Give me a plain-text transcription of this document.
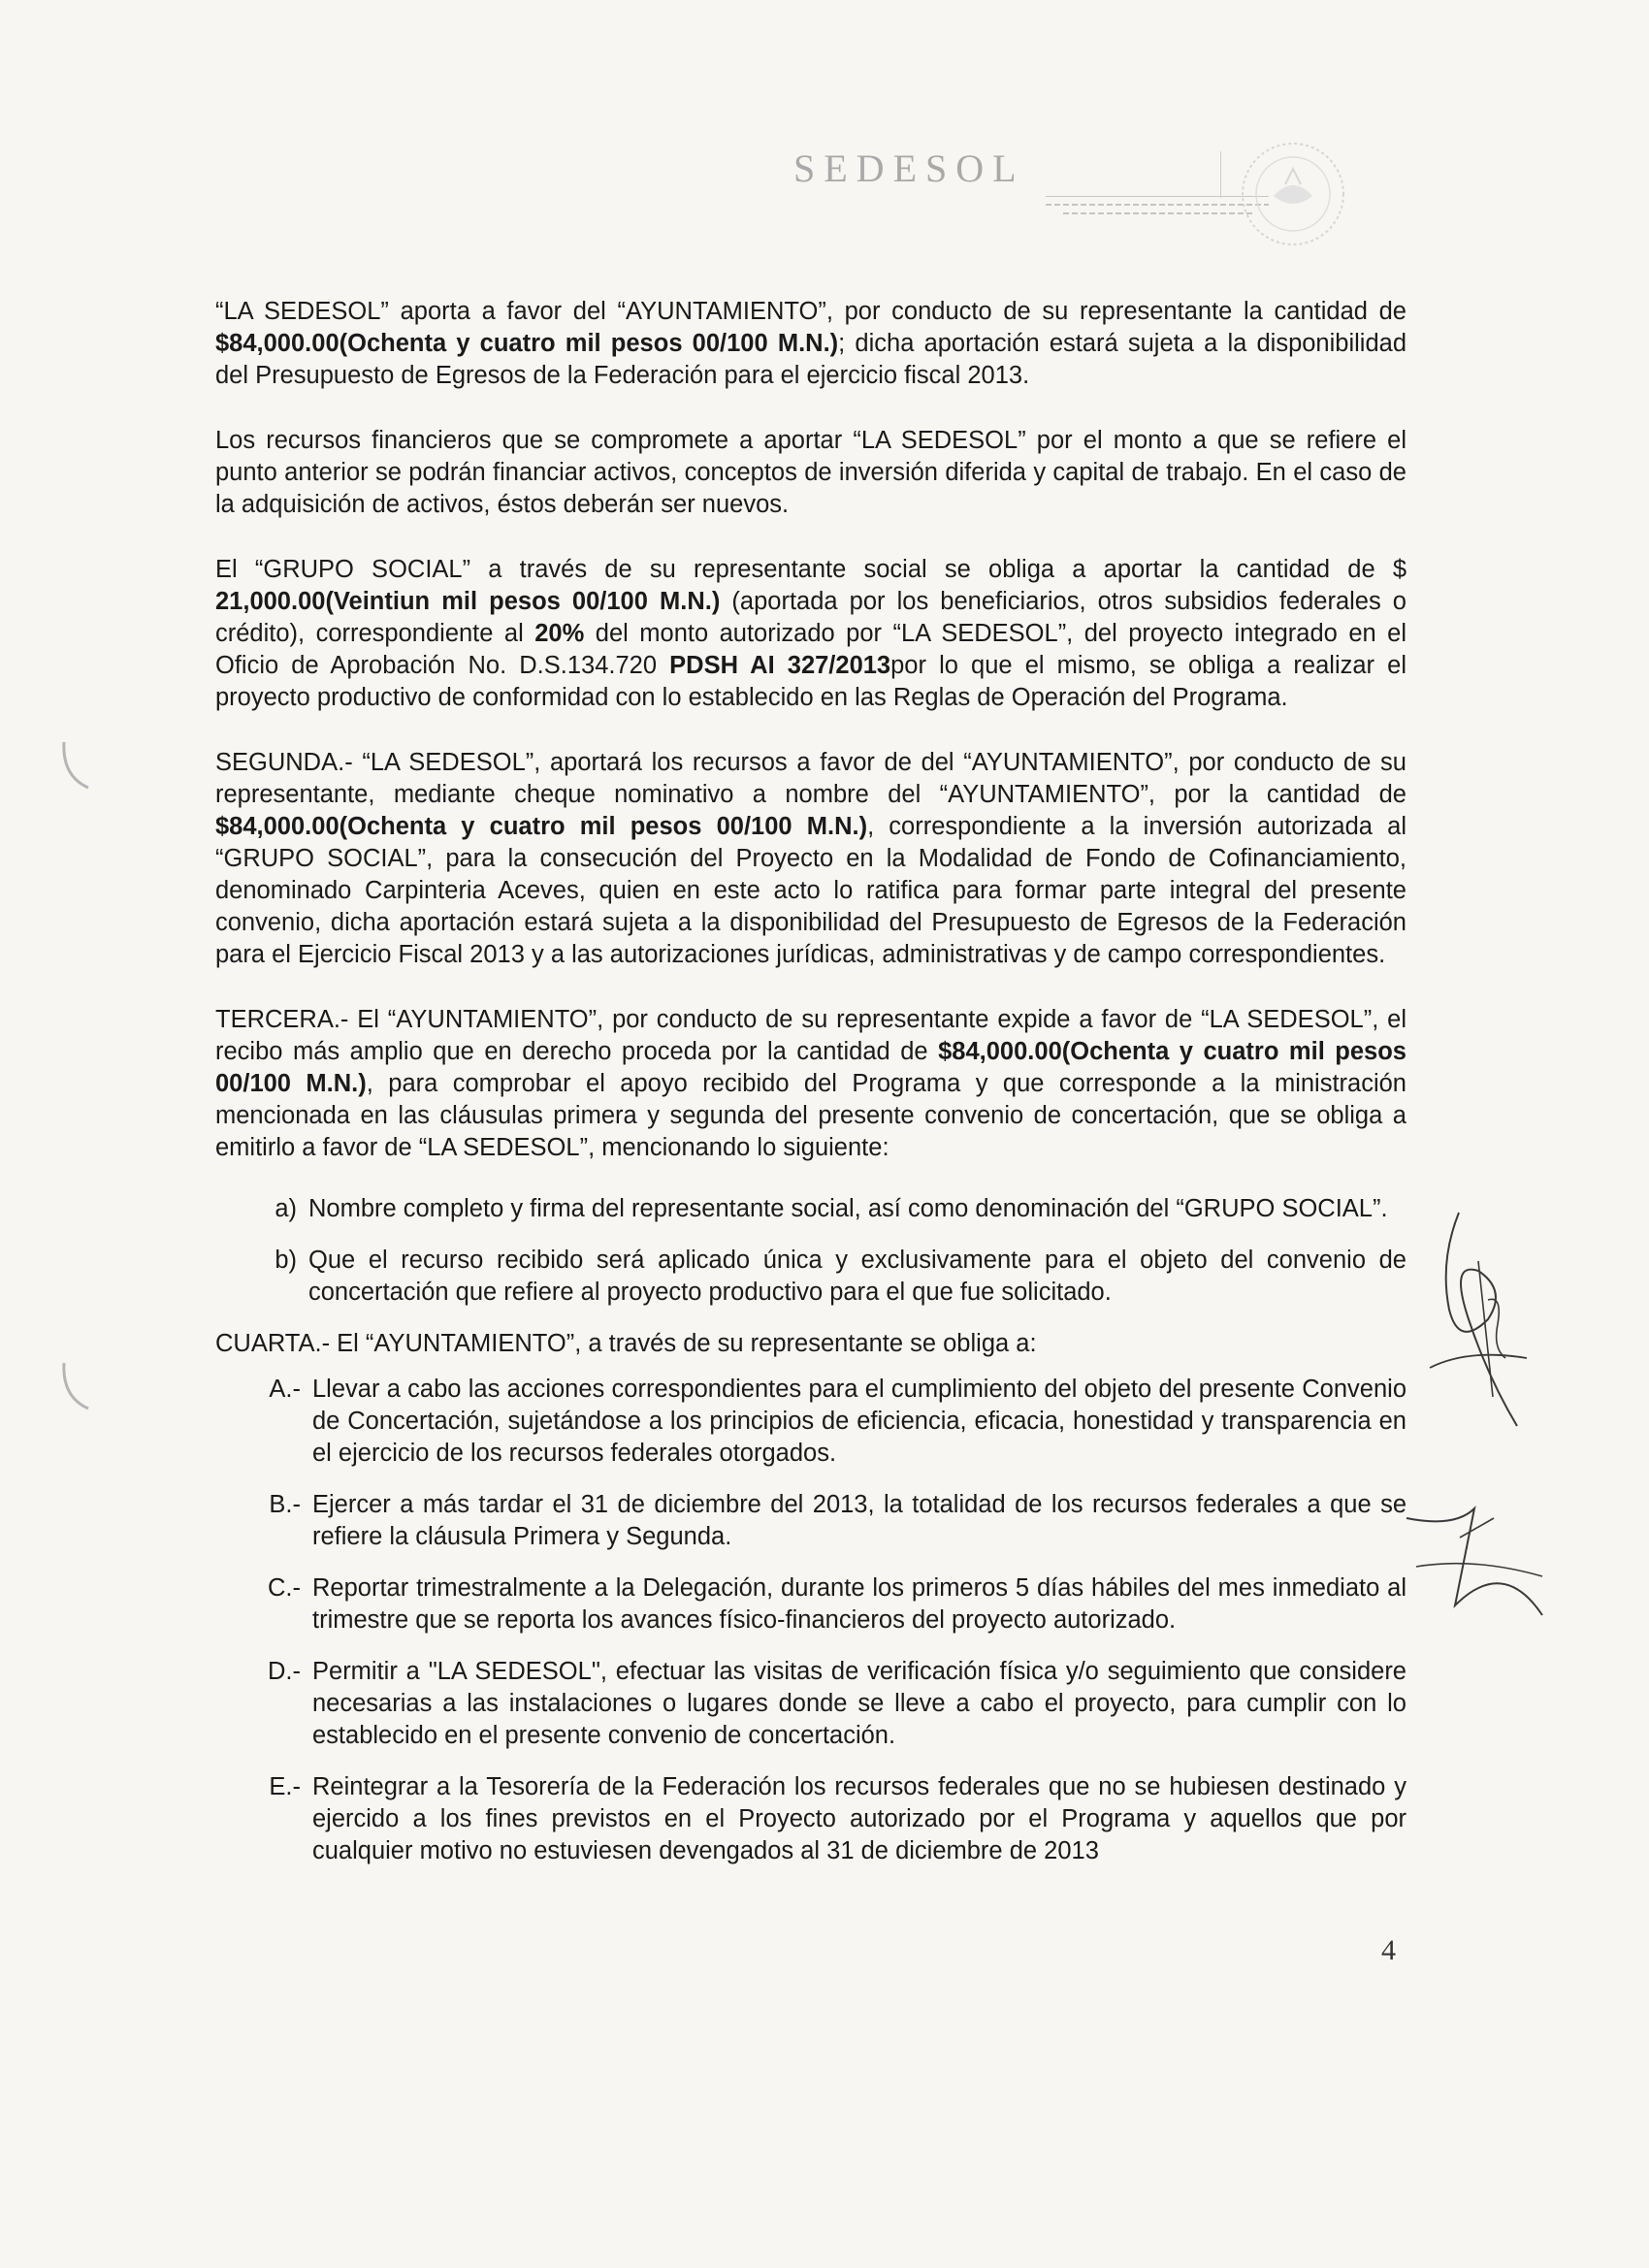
SEDESOL

“LA SEDESOL” aporta a favor del “AYUNTAMIENTO”, por conducto de su representante la cantidad de $84,000.00(Ochenta y cuatro mil pesos 00/100 M.N.); dicha aportación estará sujeta a la disponibilidad del Presupuesto de Egresos de la Federación para el ejercicio fiscal 2013.

Los recursos financieros que se compromete a aportar “LA SEDESOL” por el monto a que se refiere el punto anterior se podrán financiar activos, conceptos de inversión diferida y capital de trabajo. En el caso de la adquisición de activos, éstos deberán ser nuevos.

El “GRUPO SOCIAL” a través de su representante social se obliga a aportar la cantidad de $ 21,000.00(Veintiun mil pesos 00/100 M.N.) (aportada por los beneficiarios, otros subsidios federales o crédito), correspondiente al 20% del monto autorizado por “LA SEDESOL”, del proyecto integrado en el Oficio de Aprobación No. D.S.134.720 PDSH AI 327/2013por lo que el mismo, se obliga a realizar el proyecto productivo de conformidad con lo establecido en las Reglas de Operación del Programa.

SEGUNDA.- “LA SEDESOL”, aportará los recursos a favor de del “AYUNTAMIENTO”, por conducto de su representante, mediante cheque nominativo a nombre del “AYUNTAMIENTO”, por la cantidad de $84,000.00(Ochenta y cuatro mil pesos 00/100 M.N.), correspondiente a la inversión autorizada al “GRUPO SOCIAL”, para la consecución del Proyecto en la Modalidad de Fondo de Cofinanciamiento, denominado Carpinteria Aceves, quien en este acto lo ratifica para formar parte integral del presente convenio, dicha aportación estará sujeta a la disponibilidad del Presupuesto de Egresos de la Federación para el Ejercicio Fiscal 2013 y a las autorizaciones jurídicas, administrativas y de campo correspondientes.

TERCERA.- El “AYUNTAMIENTO”, por conducto de su representante expide a favor de “LA SEDESOL”, el recibo más amplio que en derecho proceda por la cantidad de $84,000.00(Ochenta y cuatro mil pesos 00/100 M.N.), para comprobar el apoyo recibido del Programa y que corresponde a la ministración mencionada en las cláusulas primera y segunda del presente convenio de concertación, que se obliga a emitirlo a favor de “LA SEDESOL”, mencionando lo siguiente:

a) Nombre completo y firma del representante social, así como denominación del “GRUPO SOCIAL”.
b) Que el recurso recibido será aplicado única y exclusivamente para el objeto del convenio de concertación que refiere al proyecto productivo para el que fue solicitado.
CUARTA.- El “AYUNTAMIENTO”, a través de su representante se obliga a:
A.- Llevar a cabo las acciones correspondientes para el cumplimiento del objeto del presente Convenio de Concertación, sujetándose a los principios de eficiencia, eficacia, honestidad y transparencia en el ejercicio de los recursos federales otorgados.
B.- Ejercer a más tardar el 31 de diciembre del 2013, la totalidad de los recursos federales a que se refiere la cláusula Primera y Segunda.
C.- Reportar trimestralmente a la Delegación, durante los primeros 5 días hábiles del mes inmediato al trimestre que se reporta los avances físico-financieros del proyecto autorizado.
D.- Permitir a "LA SEDESOL", efectuar las visitas de verificación física y/o seguimiento que considere necesarias a las instalaciones o lugares donde se lleve a cabo el proyecto, para cumplir con lo establecido en el presente convenio de concertación.
E.- Reintegrar a la Tesorería de la Federación los recursos federales que no se hubiesen destinado y ejercido a los fines previstos en el Proyecto autorizado por el Programa y aquellos que por cualquier motivo no estuviesen devengados al 31 de diciembre de 2013
4
